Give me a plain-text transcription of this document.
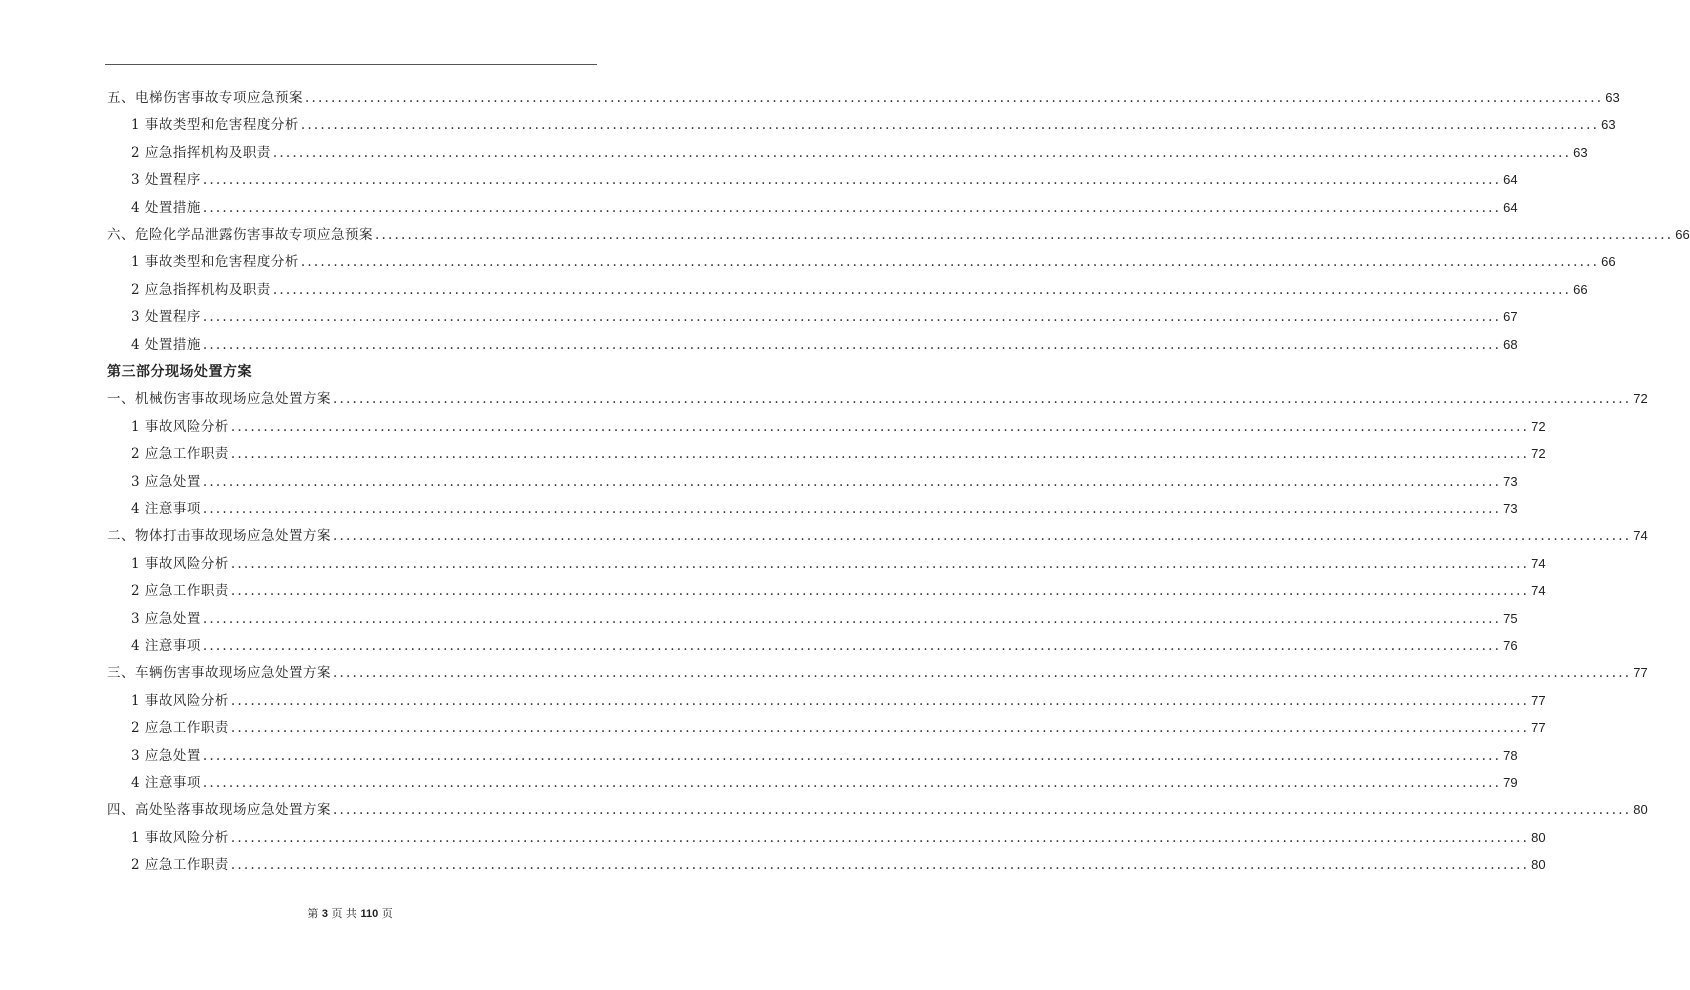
五、电梯伤害事故专项应急预案 ........................................................................................................................................................................................................ 63
1 事故类型和危害程度分析 ........................................................................................................................................................................................................ 63
2 应急指挥机构及职责 ........................................................................................................................................................................................................ 63
3 处置程序 ........................................................................................................................................................................................................ 64
4 处置措施 ........................................................................................................................................................................................................ 64
六、危险化学品泄露伤害事故专项应急预案 ........................................................................................................................................................................................................ 66
1 事故类型和危害程度分析 ........................................................................................................................................................................................................ 66
2 应急指挥机构及职责 ........................................................................................................................................................................................................ 66
3 处置程序 ........................................................................................................................................................................................................ 67
4 处置措施 ........................................................................................................................................................................................................ 68
第三部分现场处置方案
一、机械伤害事故现场应急处置方案 ........................................................................................................................................................................................................ 72
1 事故风险分析 ........................................................................................................................................................................................................ 72
2 应急工作职责 ........................................................................................................................................................................................................ 72
3 应急处置 ........................................................................................................................................................................................................ 73
4 注意事项 ........................................................................................................................................................................................................ 73
二、物体打击事故现场应急处置方案 ........................................................................................................................................................................................................ 74
1 事故风险分析 ........................................................................................................................................................................................................ 74
2 应急工作职责 ........................................................................................................................................................................................................ 74
3 应急处置 ........................................................................................................................................................................................................ 75
4 注意事项 ........................................................................................................................................................................................................ 76
三、车辆伤害事故现场应急处置方案 ........................................................................................................................................................................................................ 77
1 事故风险分析 ........................................................................................................................................................................................................ 77
2 应急工作职责 ........................................................................................................................................................................................................ 77
3 应急处置 ........................................................................................................................................................................................................ 78
4 注意事项 ........................................................................................................................................................................................................ 79
四、高处坠落事故现场应急处置方案 ........................................................................................................................................................................................................ 80
1 事故风险分析 ........................................................................................................................................................................................................ 80
2 应急工作职责 ........................................................................................................................................................................................................ 80
第 3 页 共 110 页
